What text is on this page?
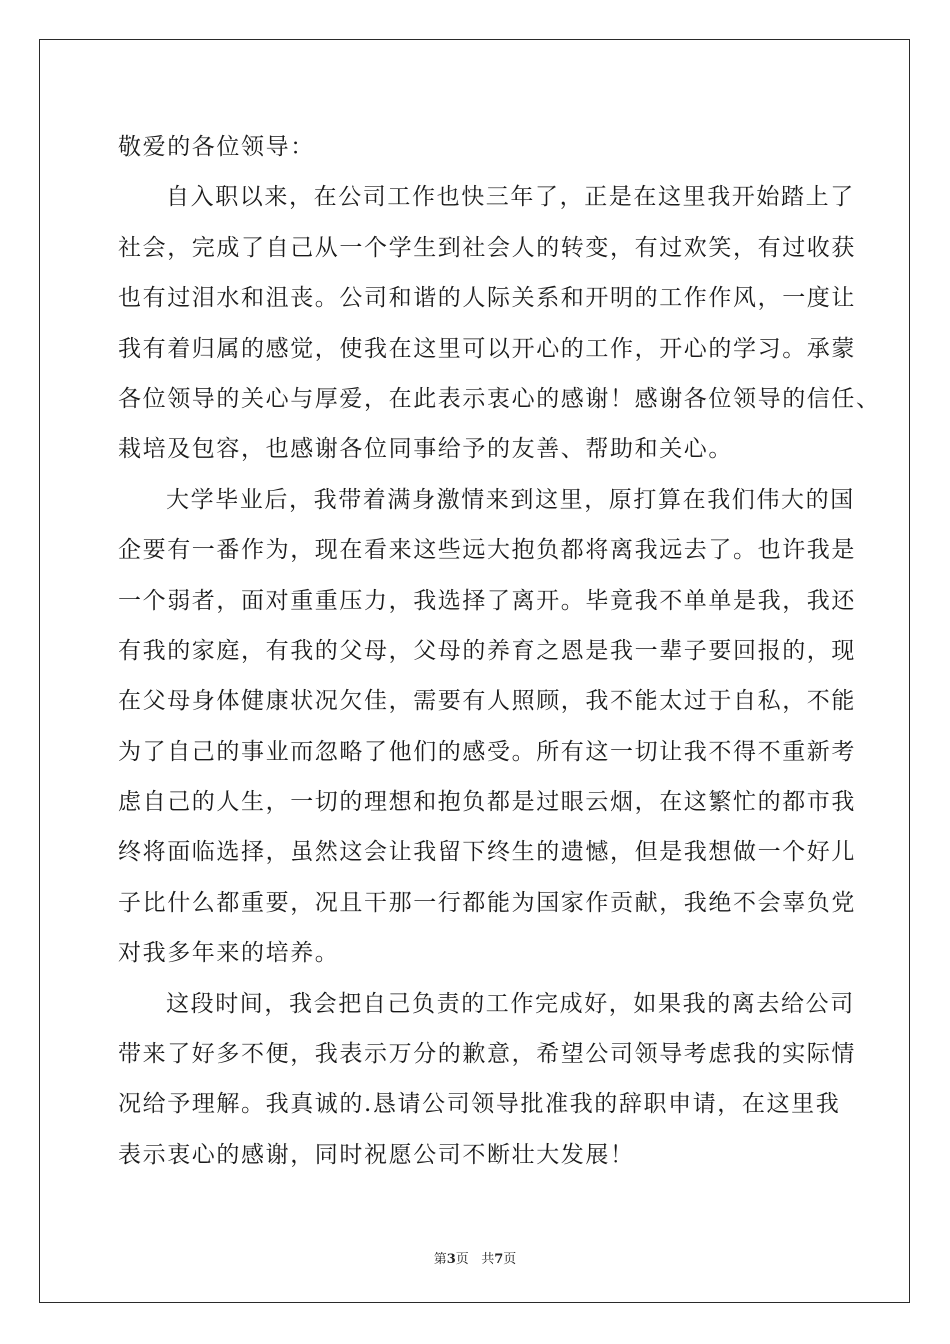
敬爱的各位领导：
自入职以来，在公司工作也快三年了，正是在这里我开始踏上了
社会，完成了自己从一个学生到社会人的转变，有过欢笑，有过收获
也有过泪水和沮丧。公司和谐的人际关系和开明的工作作风，一度让
我有着归属的感觉，使我在这里可以开心的工作，开心的学习。承蒙
各位领导的关心与厚爱，在此表示衷心的感谢！感谢各位领导的信任、
栽培及包容，也感谢各位同事给予的友善、帮助和关心。
大学毕业后，我带着满身激情来到这里，原打算在我们伟大的国
企要有一番作为，现在看来这些远大抱负都将离我远去了。也许我是
一个弱者，面对重重压力，我选择了离开。毕竟我不单单是我，我还
有我的家庭，有我的父母，父母的养育之恩是我一辈子要回报的，现
在父母身体健康状况欠佳，需要有人照顾，我不能太过于自私，不能
为了自己的事业而忽略了他们的感受。所有这一切让我不得不重新考
虑自己的人生，一切的理想和抱负都是过眼云烟，在这繁忙的都市我
终将面临选择，虽然这会让我留下终生的遗憾，但是我想做一个好儿
子比什么都重要，况且干那一行都能为国家作贡献，我绝不会辜负党
对我多年来的培养。
这段时间，我会把自己负责的工作完成好，如果我的离去给公司
带来了好多不便，我表示万分的歉意，希望公司领导考虑我的实际情
况给予理解。我真诚的.恳请公司领导批准我的辞职申请，在这里我
表示衷心的感谢，同时祝愿公司不断壮大发展！
第3页 共7页
